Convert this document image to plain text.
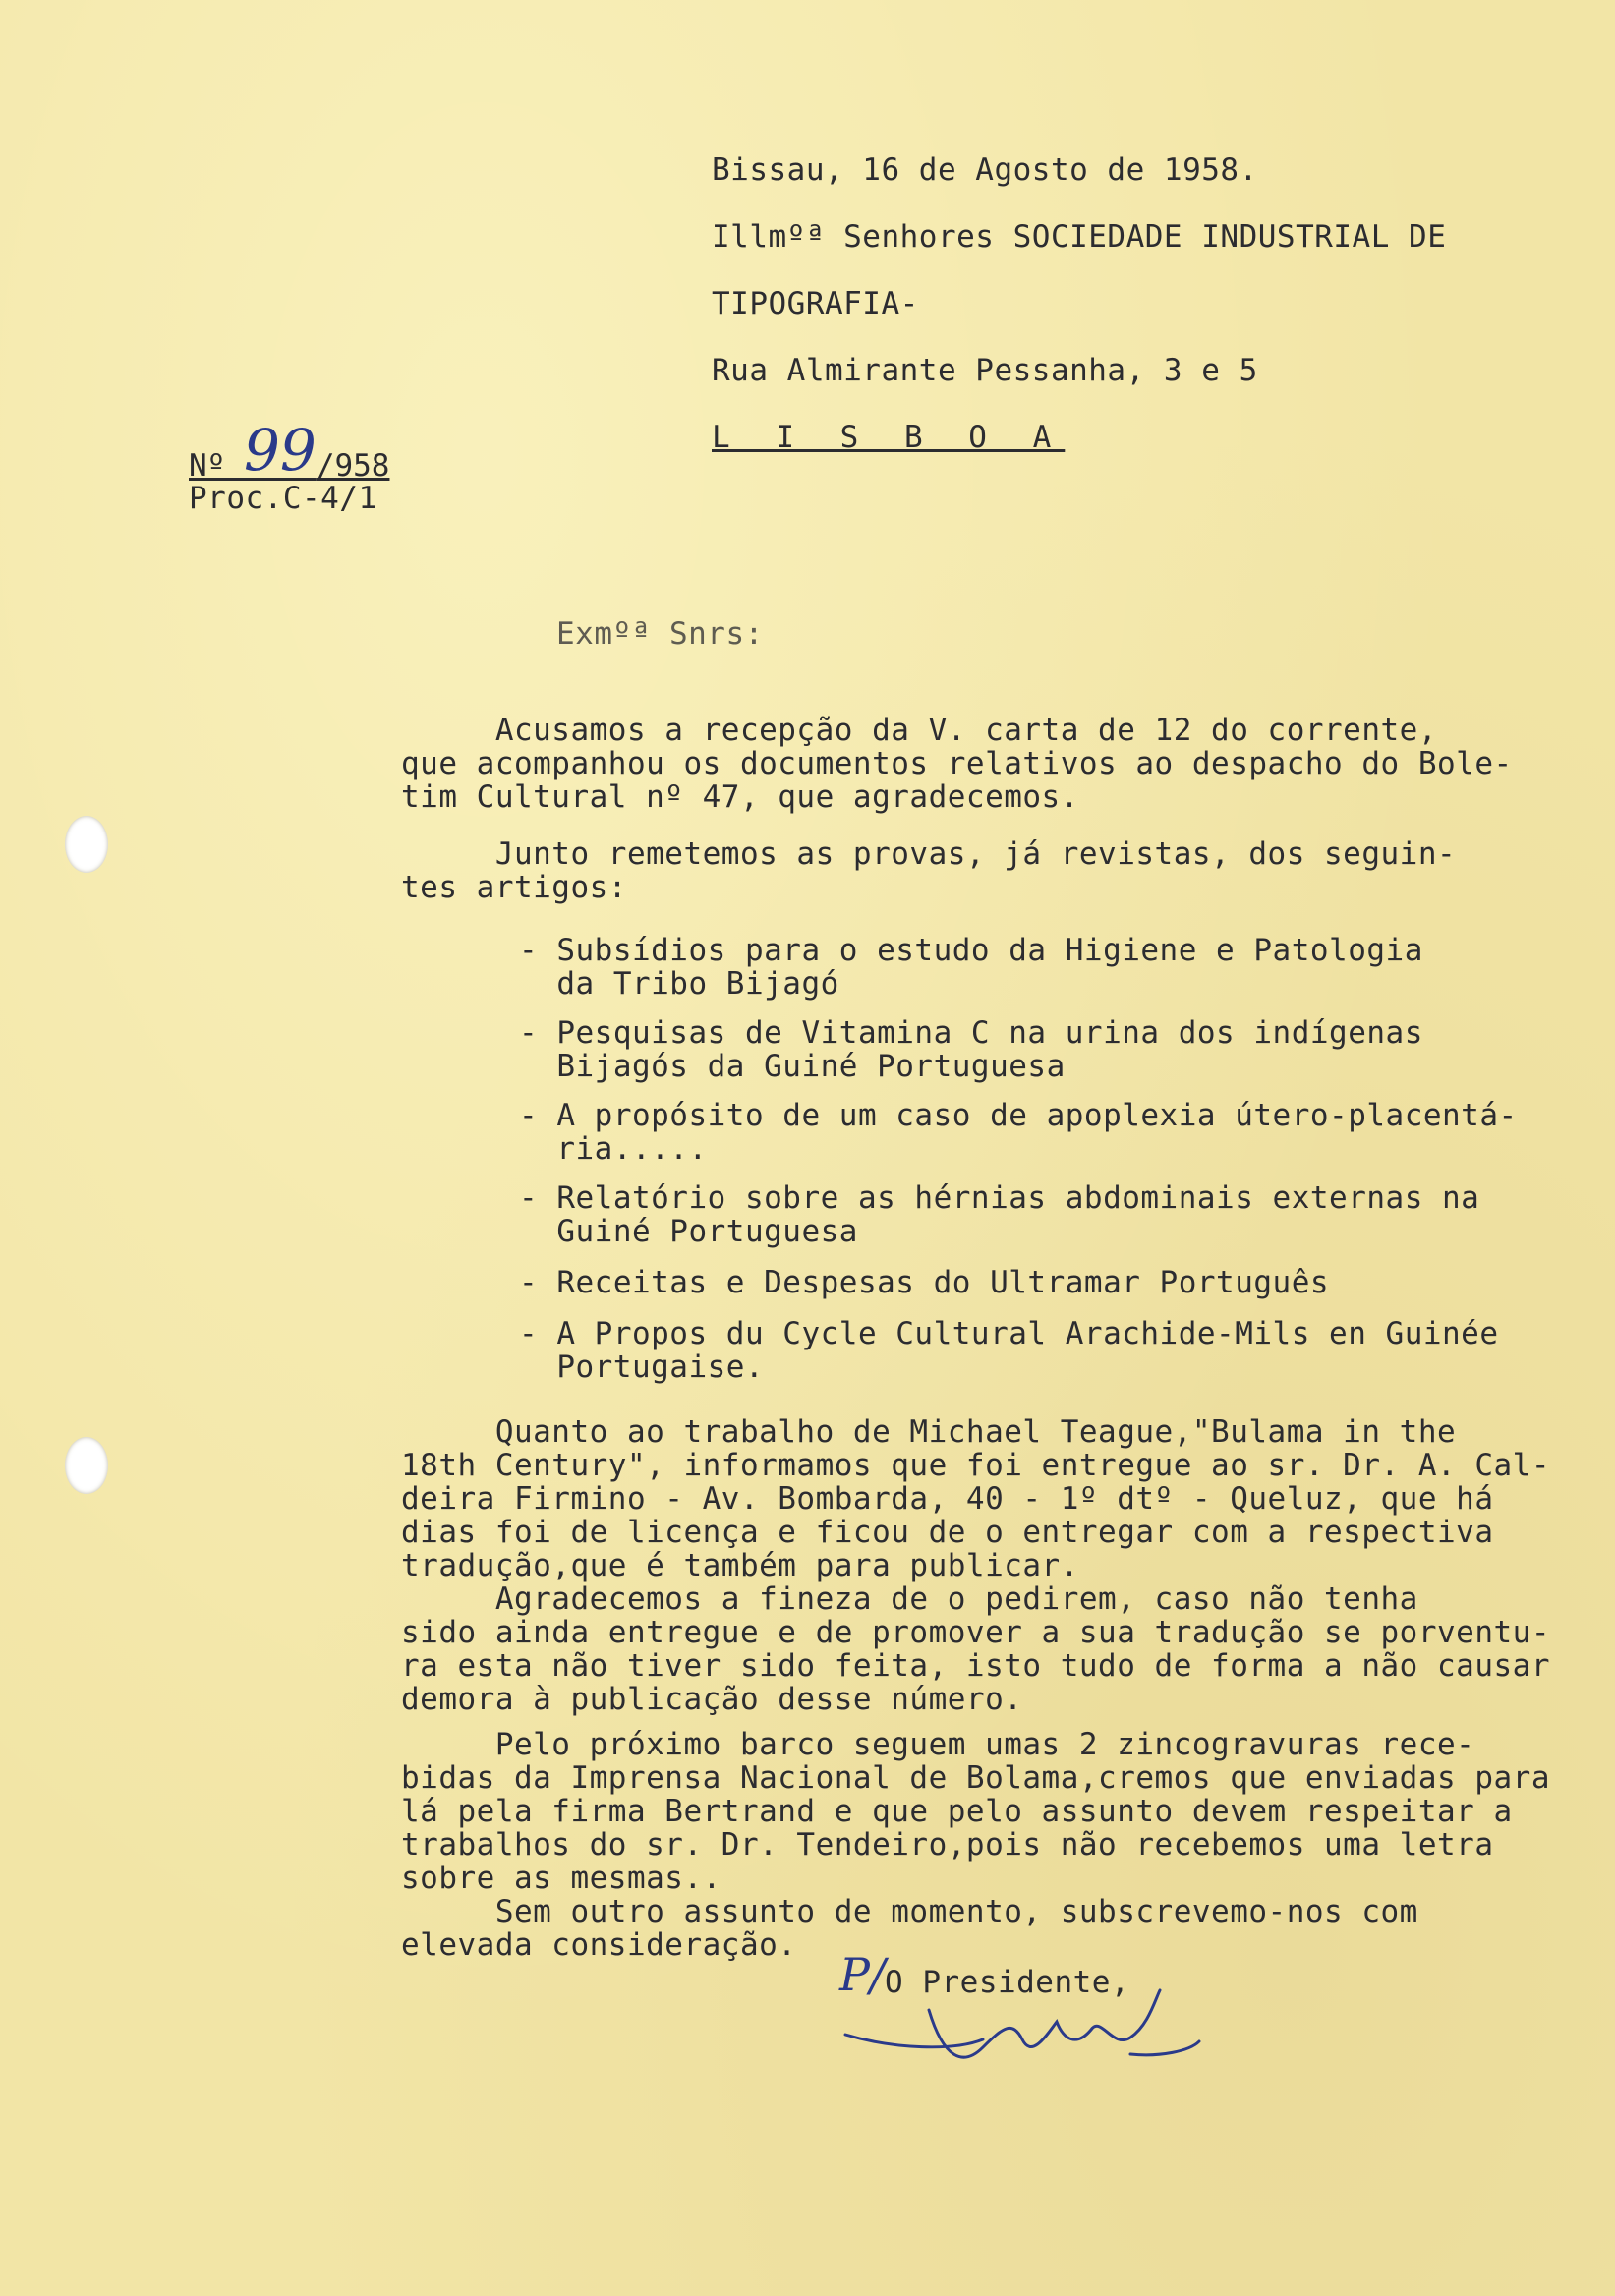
Bissau, 16 de Agosto de 1958.
Illmºª Senhores SOCIEDADE INDUSTRIAL DE
TIPOGRAFIA-
Rua Almirante Pessanha, 3 e 5
L I S B O A
Nº 99/958
Proc.C-4/1
Exmºª Snrs:
Acusamos a recepção da V. carta de 12 do corrente,
que acompanhou os documentos relativos ao despacho do Bole-
tim Cultural nº 47, que agradecemos.
Junto remetemos as provas, já revistas, dos seguin-
tes artigos:
- Subsídios para o estudo da Higiene e Patologia
da Tribo Bijagó
- Pesquisas de Vitamina C na urina dos indígenas
Bijagós da Guiné Portuguesa
- A propósito de um caso de apoplexia útero-placentá-
ria.....
- Relatório sobre as hérnias abdominais externas na
Guiné Portuguesa
- Receitas e Despesas do Ultramar Português
- A Propos du Cycle Cultural Arachide-Mils en Guinée
Portugaise.
Quanto ao trabalho de Michael Teague,"Bulama in the
18th Century", informamos que foi entregue ao sr. Dr. A. Cal-
deira Firmino - Av. Bombarda, 40 - 1º dtº - Queluz, que há
dias foi de licença e ficou de o entregar com a respectiva
tradução,que é também para publicar.
Agradecemos a fineza de o pedirem, caso não tenha
sido ainda entregue e de promover a sua tradução se porventu-
ra esta não tiver sido feita, isto tudo de forma a não causar
demora à publicação desse número.
Pelo próximo barco seguem umas 2 zincogravuras rece-
bidas da Imprensa Nacional de Bolama,cremos que enviadas para
lá pela firma Bertrand e que pelo assunto devem respeitar a
trabalhos do sr. Dr. Tendeiro,pois não recebemos uma letra
sobre as mesmas..
Sem outro assunto de momento, subscrevemo-nos com
elevada consideração.
O Presidente,
P/
